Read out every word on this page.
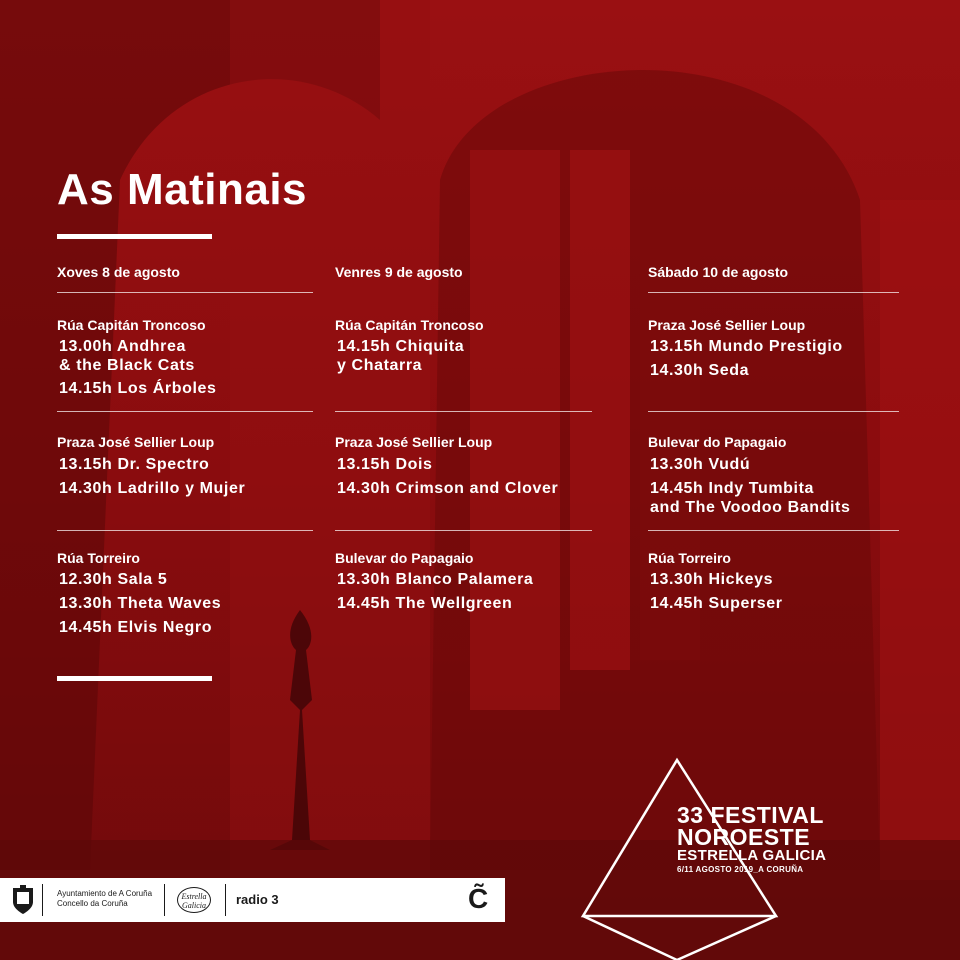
As Matinais
Xoves 8 de agosto
Rúa Capitán Troncoso
13.00h Andhrea
& the Black Cats
14.15h Los Árboles
Praza José Sellier Loup
13.15h Dr. Spectro
14.30h Ladrillo y Mujer
Rúa Torreiro
12.30h Sala 5
13.30h Theta Waves
14.45h Elvis Negro
Venres 9 de agosto
Rúa Capitán Troncoso
14.15h Chiquita
y Chatarra
Praza José Sellier Loup
13.15h Dois
14.30h Crimson and Clover
Bulevar do Papagaio
13.30h Blanco Palamera
14.45h The Wellgreen
Sábado 10 de agosto
Praza José Sellier Loup
13.15h Mundo Prestigio
14.30h Seda
Bulevar do Papagaio
13.30h Vudú
14.45h Indy Tumbita
and The Voodoo Bandits
Rúa Torreiro
13.30h Hickeys
14.45h Superser
33 FESTIVAL
NOROESTE
ESTRELLA GALICIA
6/11 AGOSTO 2019_A CORUÑA
Ayuntamiento de A Coruña
Concello da Coruña
Estrella
Galicia	radio 3	C̃
